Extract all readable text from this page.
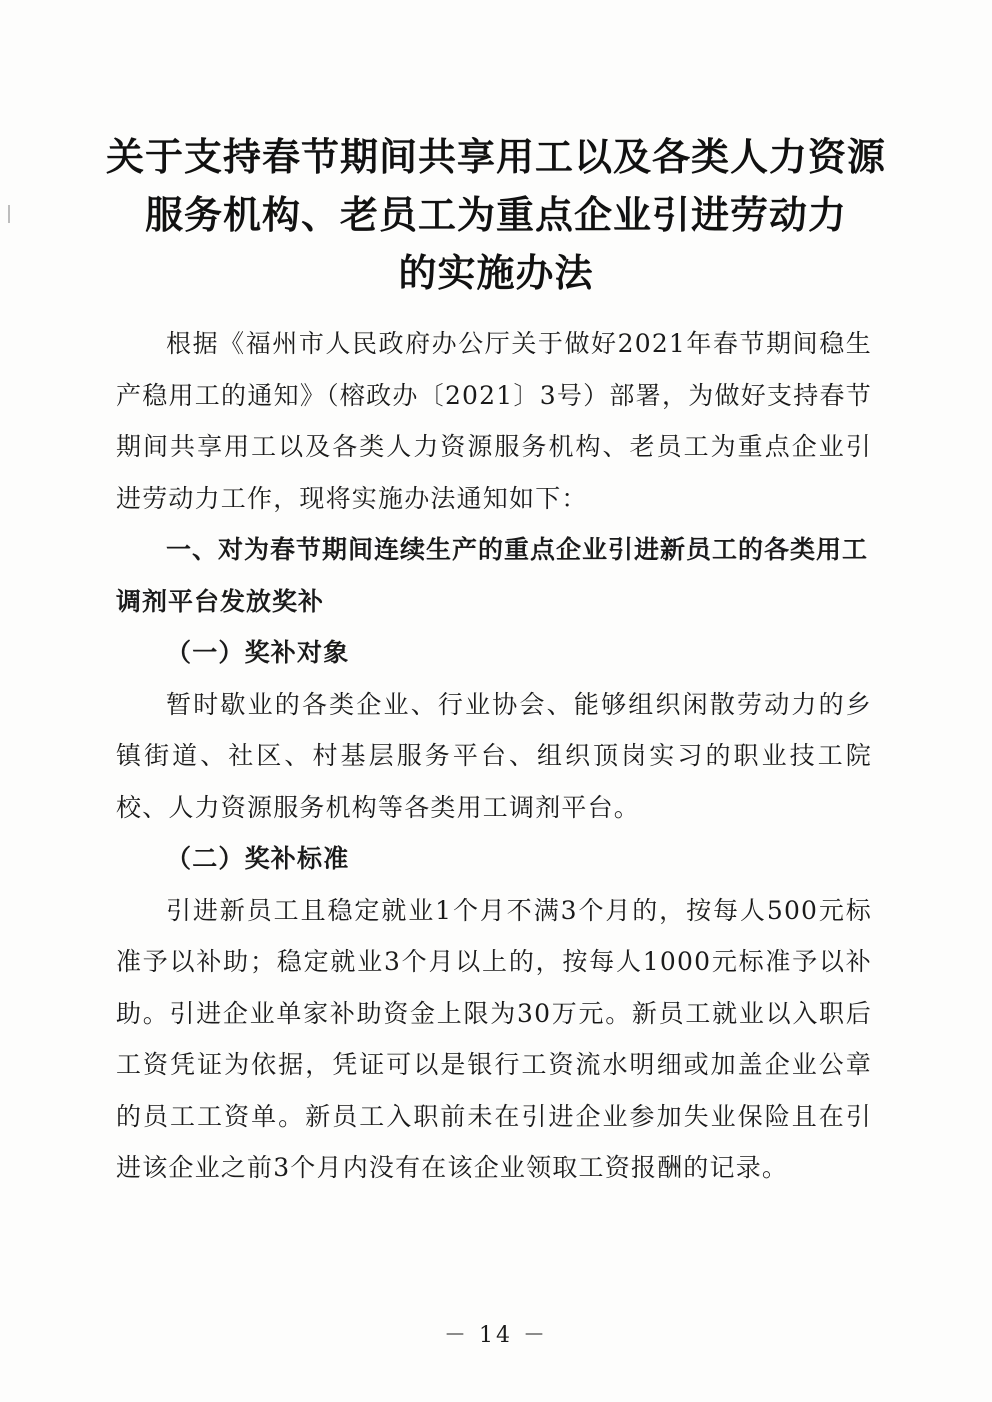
关于支持春节期间共享用工以及各类人力资源
服务机构、老员工为重点企业引进劳动力
的实施办法

根据《福州市人民政府办公厅关于做好2021年春节期间稳生产稳用工的通知》（榕政办〔2021〕3号）部署，为做好支持春节期间共享用工以及各类人力资源服务机构、老员工为重点企业引进劳动力工作，现将实施办法通知如下：

一、对为春节期间连续生产的重点企业引进新员工的各类用工调剂平台发放奖补

（一）奖补对象

暂时歇业的各类企业、行业协会、能够组织闲散劳动力的乡镇街道、社区、村基层服务平台、组织顶岗实习的职业技工院校、人力资源服务机构等各类用工调剂平台。

（二）奖补标准

引进新员工且稳定就业1个月不满3个月的，按每人500元标准予以补助；稳定就业3个月以上的，按每人1000元标准予以补助。引进企业单家补助资金上限为30万元。新员工就业以入职后工资凭证为依据，凭证可以是银行工资流水明细或加盖企业公章的员工工资单。新员工入职前未在引进企业参加失业保险且在引进该企业之前3个月内没有在该企业领取工资报酬的记录。

－ 14 －
